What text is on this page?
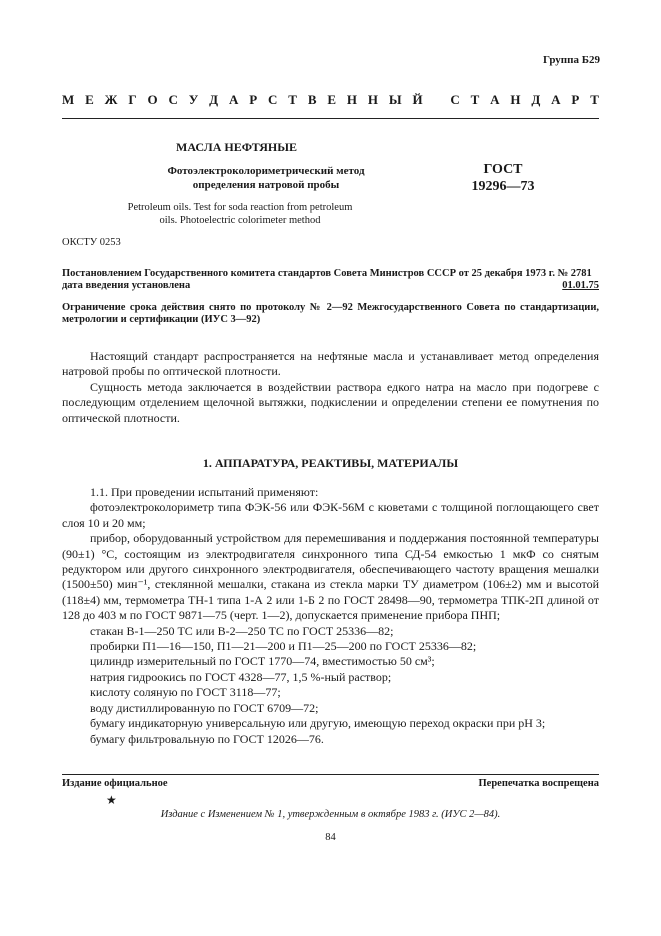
Группа Б29
М Е Ж Г О С У Д А Р С Т В Е Н Н Ы Й С Т А Н Д А Р Т
МАСЛА НЕФТЯНЫЕ
Фотоэлектроколориметрический метод определения натровой пробы
ГОСТ
19296—73
Petroleum oils. Test for soda reaction from petroleum oils. Photoelectric colorimeter method
ОКСТУ 0253
Постановлением Государственного комитета стандартов Совета Министров СССР от 25 декабря 1973 г. № 2781 дата введения установлена	01.01.75
Ограничение срока действия снято по протоколу № 2—92 Межгосударственного Совета по стандартизации, метрологии и сертификации (ИУС 3—92)

Настоящий стандарт распространяется на нефтяные масла и устанавливает метод определения натровой пробы по оптической плотности.

Сущность метода заключается в воздействии раствора едкого натра на масло при подогреве с последующим отделением щелочной вытяжки, подкислении и определении степени ее помутнения по оптической плотности.

1. АППАРАТУРА, РЕАКТИВЫ, МАТЕРИАЛЫ

1.1. При проведении испытаний применяют:

фотоэлектроколориметр типа ФЭК-56 или ФЭК-56М с кюветами с толщиной поглощающего свет слоя 10 и 20 мм;

прибор, оборудованный устройством для перемешивания и поддержания постоянной температуры (90±1) °С, состоящим из электродвигателя синхронного типа СД-54 емкостью 1 мкФ со снятым редуктором или другого синхронного электродвигателя, обеспечивающего частоту вращения мешалки (1500±50) мин⁻¹, стеклянной мешалки, стакана из стекла марки ТУ диаметром (106±2) мм и высотой (118±4) мм, термометра ТН-1 типа 1-А 2 или 1-Б 2 по ГОСТ 28498—90, термометра ТПК-2П длиной от 128 до 403 м по ГОСТ 9871—75 (черт. 1—2), допускается применение прибора ПНП;

стакан В-1—250 ТС или В-2—250 ТС по ГОСТ 25336—82;

пробирки П1—16—150, П1—21—200 и П1—25—200 по ГОСТ 25336—82;

цилиндр измерительный по ГОСТ 1770—74, вместимостью 50 см³;

натрия гидроокись по ГОСТ 4328—77, 1,5 %-ный раствор;

кислоту соляную по ГОСТ 3118—77;

воду дистиллированную по ГОСТ 6709—72;

бумагу индикаторную универсальную или другую, имеющую переход окраски при рН 3;

бумагу фильтровальную по ГОСТ 12026—76.

Издание официальное	Перепечатка воспрещена
★
Издание с Изменением № 1, утвержденным в октябре 1983 г. (ИУС 2—84).
84
